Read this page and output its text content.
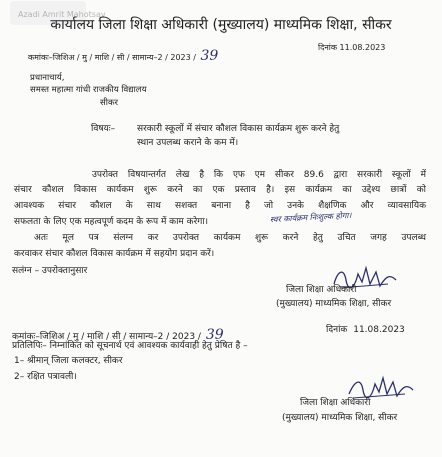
Azadi Amrit Mahotsav
कार्यालय जिला शिक्षा अधिकारी (मुख्यालय) माध्यमिक शिक्षा, सीकर
कमांकः–जिशिअ / मु / माशि / सी / सामान्य–2 / 2023 / 39
दिनांक 11.08.2023
प्रधानाचार्य,
समस्त महात्मा गांधी राजकीय विद्यालय
सीकर
विषयः– सरकारी स्कूलों में संचार कौशल विकास कार्यक्रम शुरू करने हेतु
स्थान उपलब्ध कराने के कम में।
उपरोक्त विषयान्तर्गत लेख है कि एफ एम सीकर 89.6 द्वारा सरकारी स्कूलों में
संचार कौशल विकास कार्यकम शुरू करने का एक प्रस्ताव है। इस कार्यक्रम का उद्देश्य छात्रों को
आवश्यक संचार कौशल के साथ सशक्त बनाना है जो उनके शैक्षणिक और व्यावसायिक
सफलता के लिए एक महत्वपूर्ण कदम के रूप में काम करेगा।	स्वर कार्यक्रम निःशुल्क होगा।
अतः मूल पत्र संलग्न कर उपरोक्त कार्यकम शुरू करने हेतु उचित जगह उपलब्ध
करवाकर संचार कौशल विकास कार्यक्रम में सहयोग प्रदान करें।
सलंग्न – उपरोक्तानुसार
जिला शिक्षा अधिकारी
(मुख्यालय) माध्यमिक शिक्षा, सीकर
कमांकः–जिशिअ / मु / माशि / सी / सामान्य–2 / 2023 / 39	दिनांक 11.08.2023
प्रतिलिपिः– निम्नांकित को सूचनार्थ एवं आवश्यक कार्यवाही हेतु प्रेषित है –
1– श्रीमान् जिला कलक्टर, सीकर
2– रक्षित पत्रावली।
जिला शिक्षा अधिकारी
(मुख्यालय) माध्यमिक शिक्षा, सीकर
